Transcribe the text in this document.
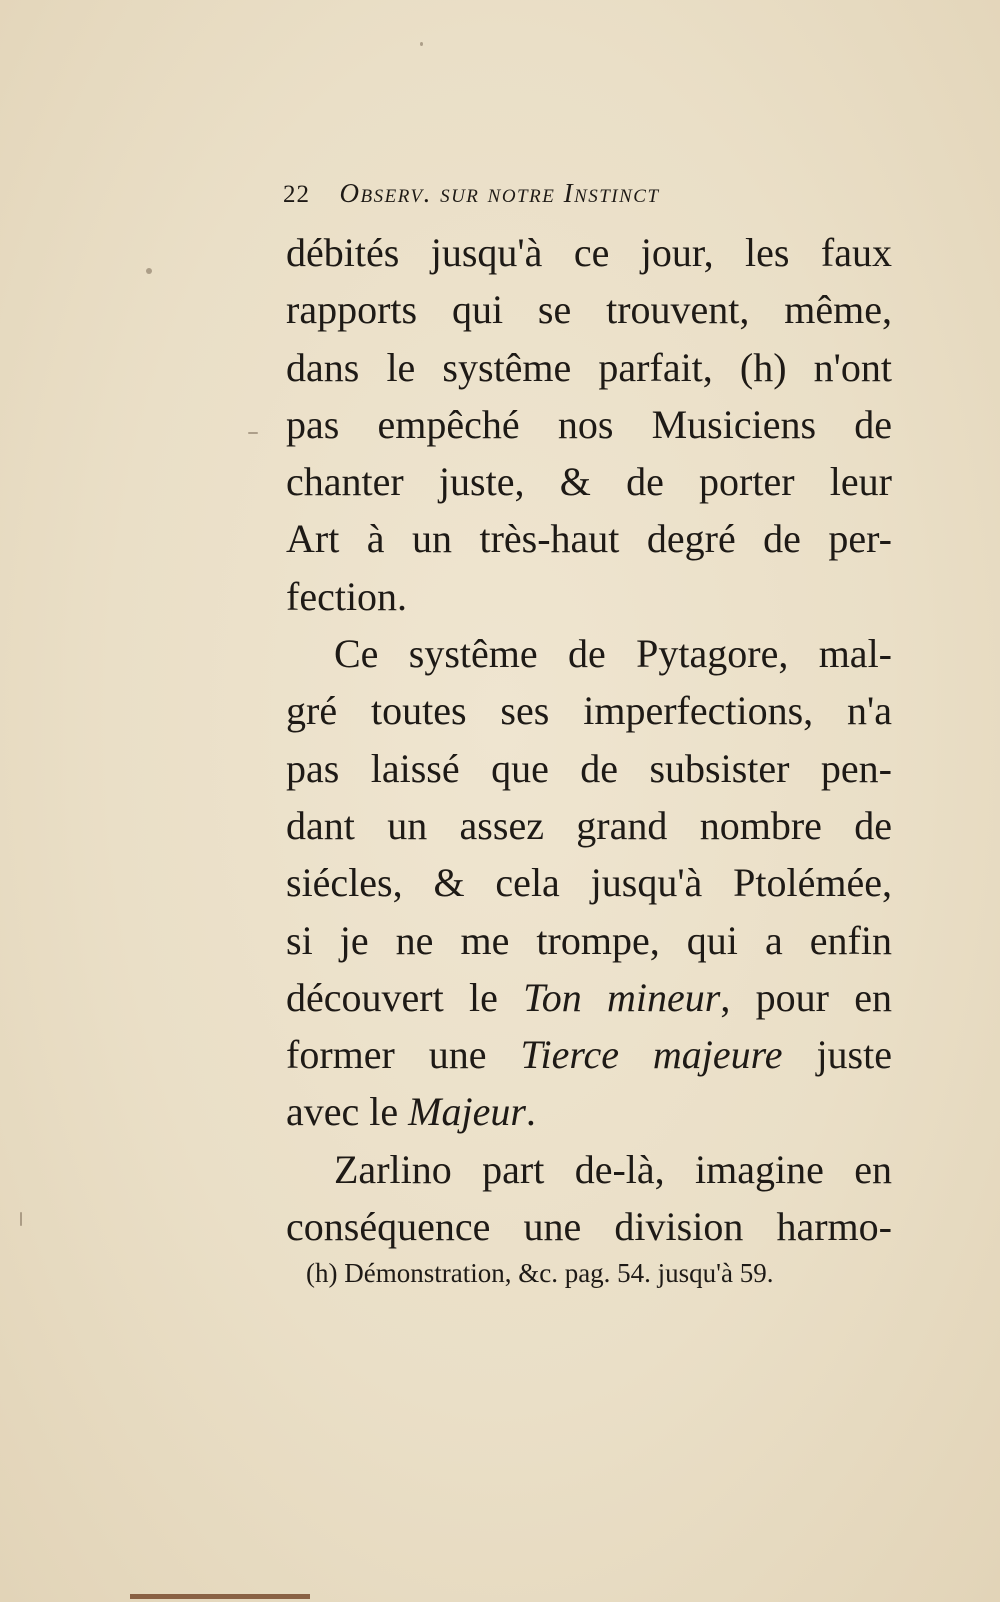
22 Observ. sur notre Instinct
débités jusqu'à ce jour, les faux
rapports qui se trouvent, même,
dans le systême parfait, (h) n'ont
pas empêché nos Musiciens de
chanter juste, & de porter leur
Art à un très-haut degré de per-
fection.
Ce systême de Pytagore, mal-
gré toutes ses imperfections, n'a
pas laissé que de subsister pen-
dant un assez grand nombre de
siécles, & cela jusqu'à Ptolémée,
si je ne me trompe, qui a enfin
découvert le Ton mineur, pour en
former une Tierce majeure juste
avec le Majeur.
Zarlino part de-là, imagine en
conséquence une division harmo-
(h) Démonstration, &c. pag. 54. jusqu'à 59.
